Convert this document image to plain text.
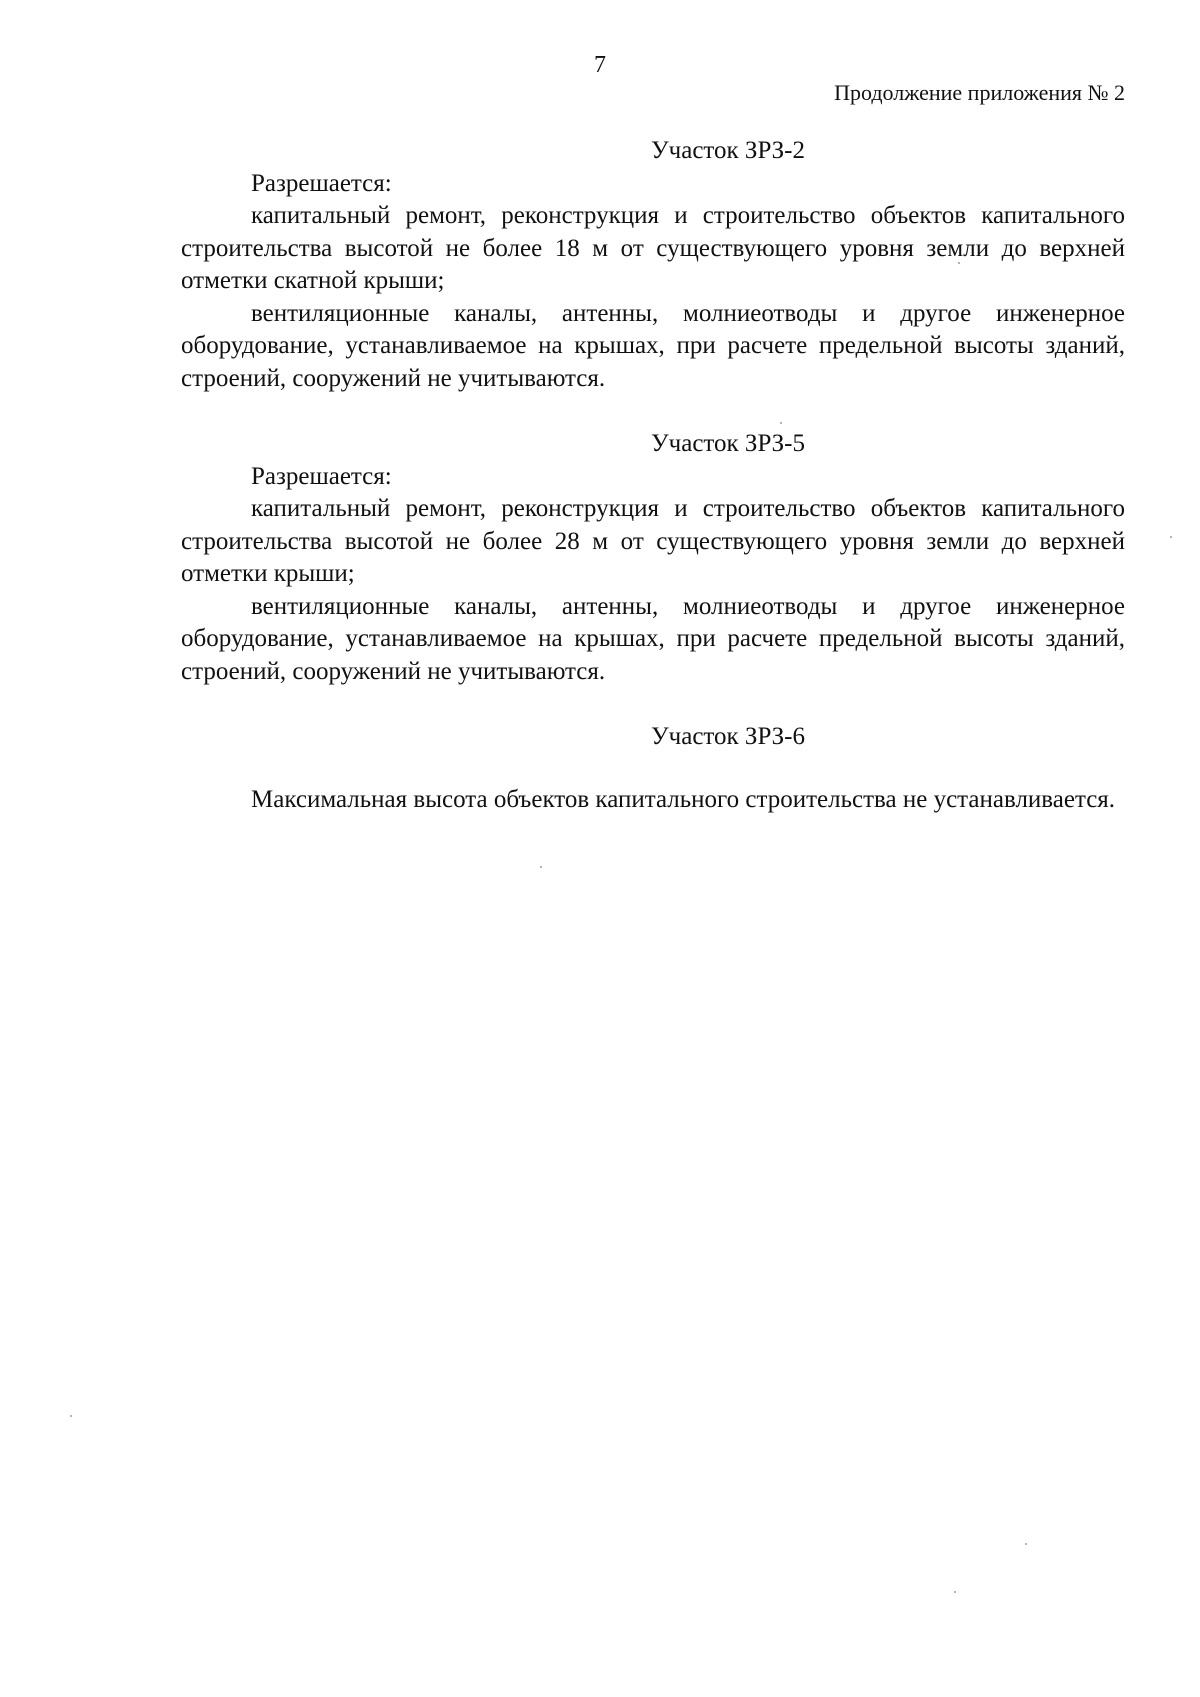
7
Продолжение приложения № 2
Участок ЗРЗ-2

Разрешается:

капитальный ремонт, реконструкция и строительство объектов капитального строительства высотой не более 18 м от существующего уровня земли до верхней отметки скатной крыши;

вентиляционные каналы, антенны, молниеотводы и другое инженерное оборудование, устанавливаемое на крышах, при расчете предельной высоты зданий, строений, сооружений не учитываются.

Участок ЗРЗ-5

Разрешается:

капитальный ремонт, реконструкция и строительство объектов капитального строительства высотой не более 28 м от существующего уровня земли до верхней отметки крыши;

вентиляционные каналы, антенны, молниеотводы и другое инженерное оборудование, устанавливаемое на крышах, при расчете предельной высоты зданий, строений, сооружений не учитываются.

Участок ЗРЗ-6

Максимальная высота объектов капитального строительства не устанавливается.
